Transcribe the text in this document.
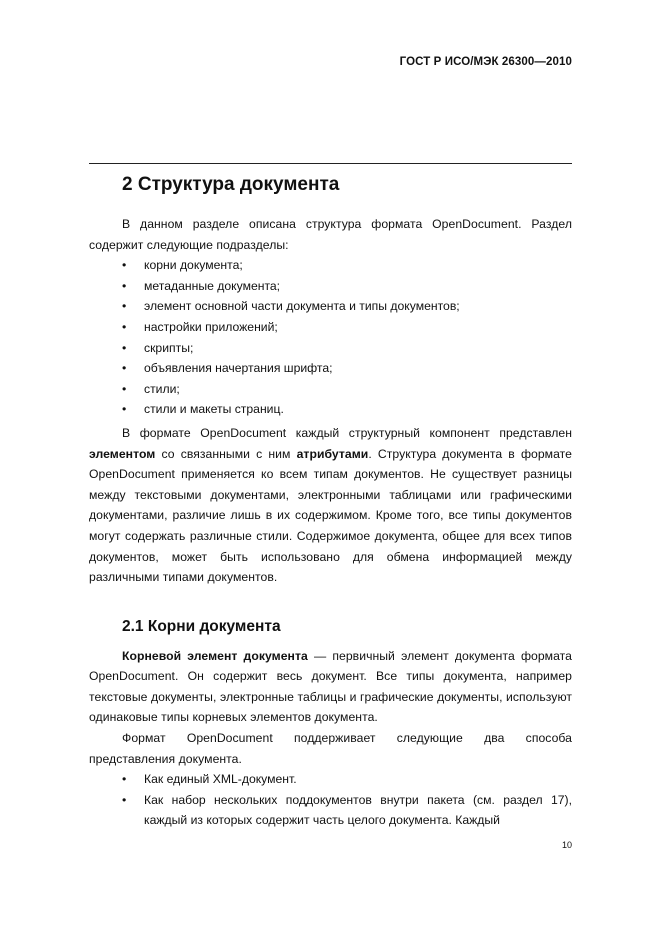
ГОСТ Р ИСО/МЭК 26300—2010
2 Структура документа

В данном разделе описана структура формата OpenDocument. Раздел содержит следующие подразделы:

•	корни документа;
•	метаданные документа;
•	элемент основной части документа и типы документов;
•	настройки приложений;
•	скрипты;
•	объявления начертания шрифта;
•	стили;
•	стили и макеты страниц.

В формате OpenDocument каждый структурный компонент представлен элементом со связанными с ним атрибутами. Структура документа в формате OpenDocument применяется ко всем типам документов. Не существует разницы между текстовыми документами, электронными таблицами или графическими документами, различие лишь в их содержимом. Кроме того, все типы документов могут содержать различные стили. Содержимое документа, общее для всех типов документов, может быть использовано для обмена информацией между различными типами документов.

2.1 Корни документа

Корневой элемент документа — первичный элемент документа формата OpenDocument. Он содержит весь документ. Все типы документа, например текстовые документы, электронные таблицы и графические документы, используют одинаковые типы корневых элементов документа.

Формат OpenDocument поддерживает следующие два способа представления документа.

•	Как единый XML-документ.
•	Как набор нескольких поддокументов внутри пакета (см. раздел 17), каждый из которых содержит часть целого документа. Каждый
10
